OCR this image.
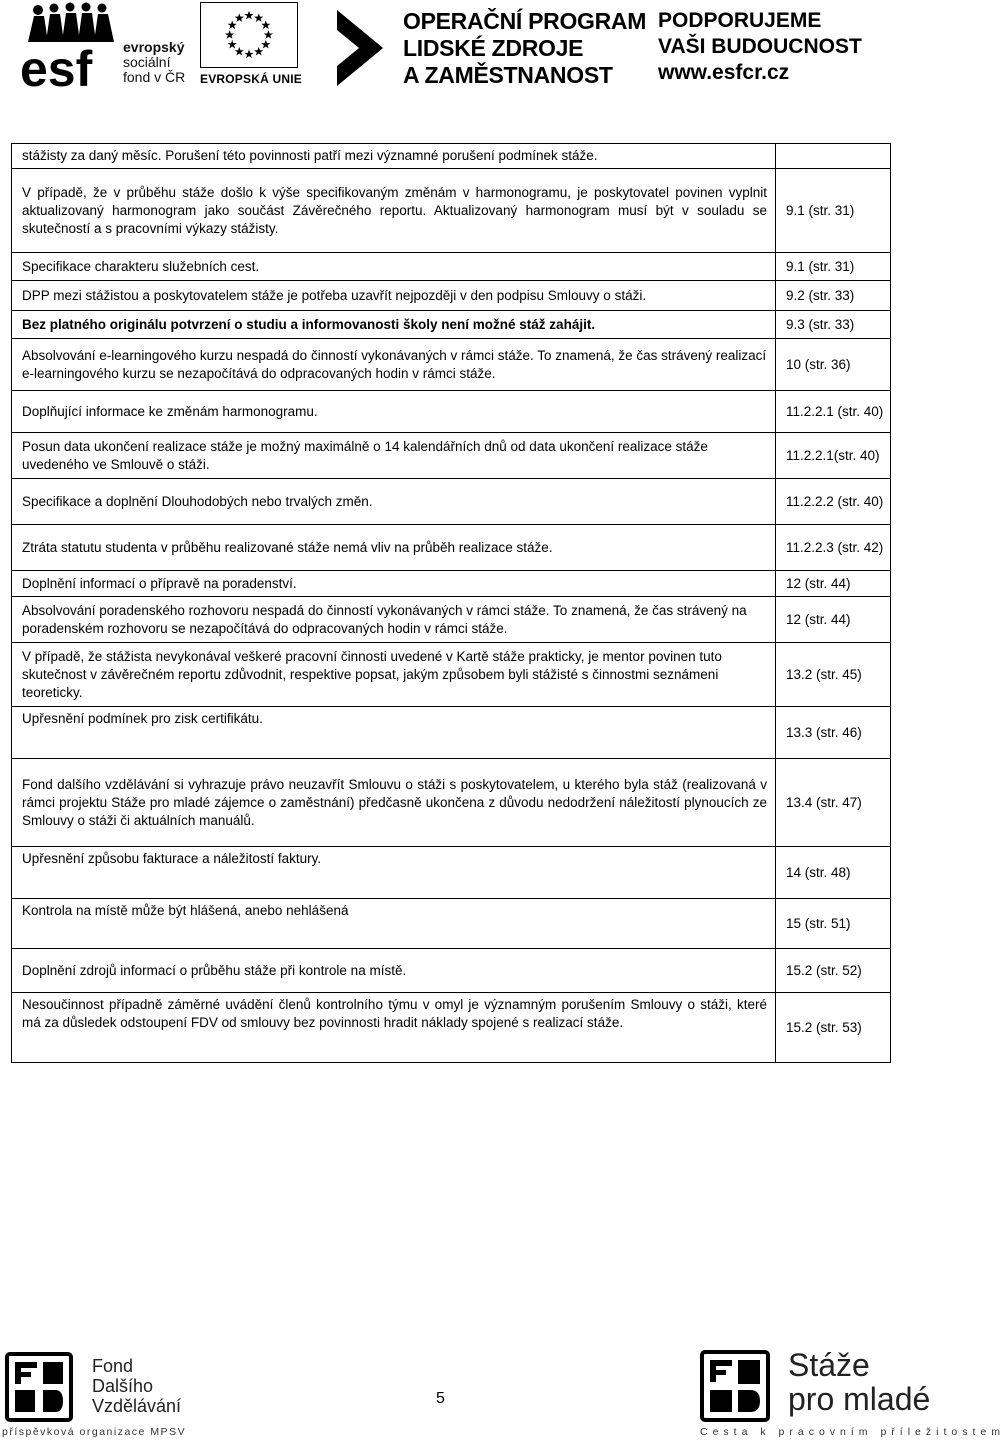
esf evropský
sociální
fond v ČR EVROPSKÁ UNIE
OPERAČNÍ PROGRAM
LIDSKÉ ZDROJE
A ZAMĚSTNANOST
PODPORUJEME
VAŠI BUDOUCNOST
www.esfcr.cz
stážisty za daný měsíc. Porušení této povinnosti patří mezi významné porušení podmínek stáže.	
V případě, že v průběhu stáže došlo k výše specifikovaným změnám v harmonogramu, je poskytovatel povinen vyplnit aktualizovaný harmonogram jako součást Závěrečného reportu. Aktualizovaný harmonogram musí být v souladu se skutečností a s pracovními výkazy stážisty.	9.1 (str. 31)
Specifikace charakteru služebních cest.	9.1 (str. 31)
DPP mezi stážistou a poskytovatelem stáže je potřeba uzavřít nejpozději v den podpisu Smlouvy o stáži.	9.2 (str. 33)
Bez platného originálu potvrzení o studiu a informovanosti školy není možné stáž zahájit.	9.3 (str. 33)
Absolvování e-learningového kurzu nespadá do činností vykonávaných v rámci stáže. To znamená, že čas strávený realizací e-learningového kurzu se nezapočítává do odpracovaných hodin v rámci stáže.	10 (str. 36)
Doplňující informace ke změnám harmonogramu.	11.2.2.1 (str. 40)
Posun data ukončení realizace stáže je možný maximálně o 14 kalendářních dnů od data ukončení realizace stáže uvedeného ve Smlouvě o stáži.	11.2.2.1(str. 40)
Specifikace a doplnění Dlouhodobých nebo trvalých změn.	11.2.2.2 (str. 40)
Ztráta statutu studenta v průběhu realizované stáže nemá vliv na průběh realizace stáže.	11.2.2.3 (str. 42)
Doplnění informací o přípravě na poradenství.	12 (str. 44)
Absolvování poradenského rozhovoru nespadá do činností vykonávaných v rámci stáže. To znamená, že čas strávený na poradenském rozhovoru se nezapočítává do odpracovaných hodin v rámci stáže.	12 (str. 44)
V případě, že stážista nevykonával veškeré pracovní činnosti uvedené v Kartě stáže prakticky, je mentor povinen tuto skutečnost v závěrečném reportu zdůvodnit, respektive popsat, jakým způsobem byli stážisté s činnostmi seznámeni teoreticky.	13.2 (str. 45)
Upřesnění podmínek pro zisk certifikátu.	13.3 (str. 46)
Fond dalšího vzdělávání si vyhrazuje právo neuzavřít Smlouvu o stáži s poskytovatelem, u kterého byla stáž (realizovaná v rámci projektu Stáže pro mladé zájemce o zaměstnání) předčasně ukončena z důvodu nedodržení náležitostí plynoucích ze Smlouvy o stáži či aktuálních manuálů.	13.4 (str. 47)
Upřesnění způsobu fakturace a náležitostí faktury.	14 (str. 48)
Kontrola na místě může být hlášená, anebo nehlášená	15 (str. 51)
Doplnění zdrojů informací o průběhu stáže při kontrole na místě.	15.2 (str. 52)
Nesoučinnost případně záměrné uvádění členů kontrolního týmu v omyl je významným porušením Smlouvy o stáži, které má za důsledek odstoupení FDV od smlouvy bez povinnosti hradit náklady spojené s realizací stáže.	15.2 (str. 53)
Fond
Dalšího
Vzdělávání
příspěvková organizace MPSV
5
Stáže
pro mladé
Cesta k pracovním příležitostem
